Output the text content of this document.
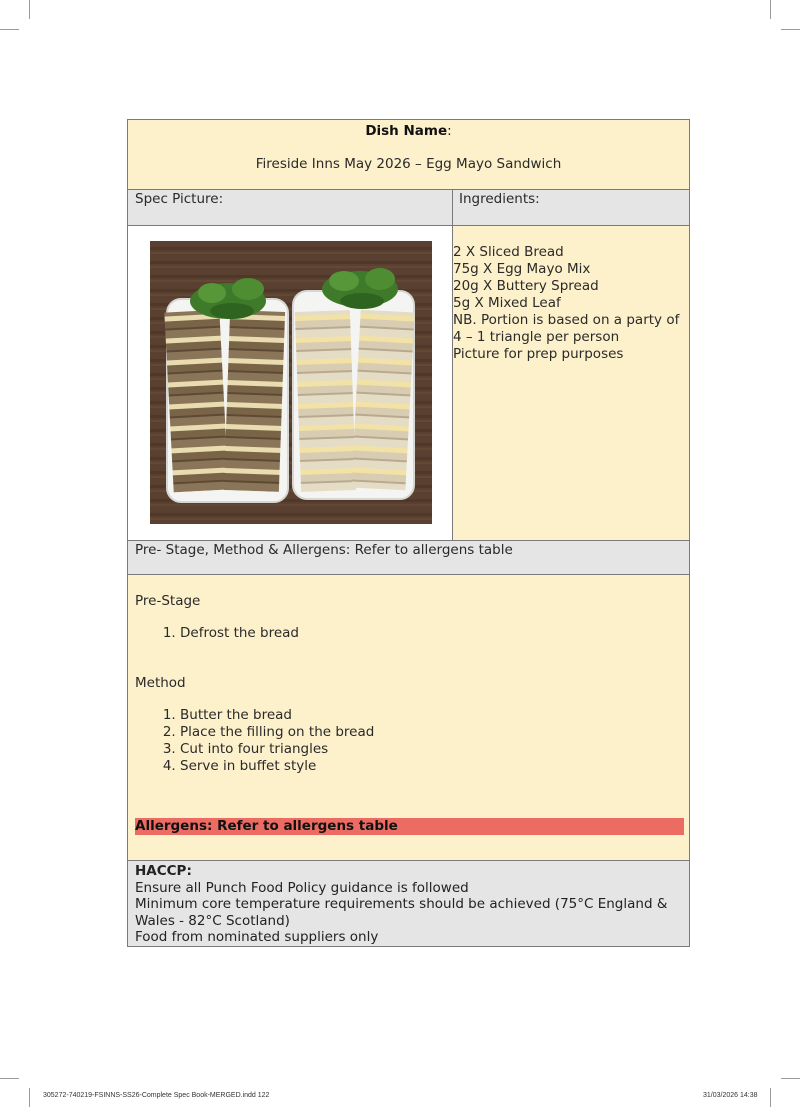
Dish Name:
Fireside Inns May 2026 – Egg Mayo Sandwich
Spec Picture:	Ingredients:

2 X Sliced Bread

75g X Egg Mayo Mix

20g X Buttery Spread

5g X Mixed Leaf

NB. Portion is based on a party of 4 – 1 triangle per person

Picture for prep purposes

Pre- Stage, Method & Allergens: Refer to allergens table

Pre-Stage

1. Defrost the bread

Method

1. Butter the bread
2. Place the filling on the bread
3. Cut into four triangles
4. Serve in buffet style
Allergens: Refer to allergens table
HACCP:
Ensure all Punch Food Policy guidance is followed
Minimum core temperature requirements should be achieved (75°C England & Wales - 82°C Scotland)
Food from nominated suppliers only
305272-740219-FSINNS-SS26-Complete Spec Book-MERGED.indd 122	31/03/2026 14:38
